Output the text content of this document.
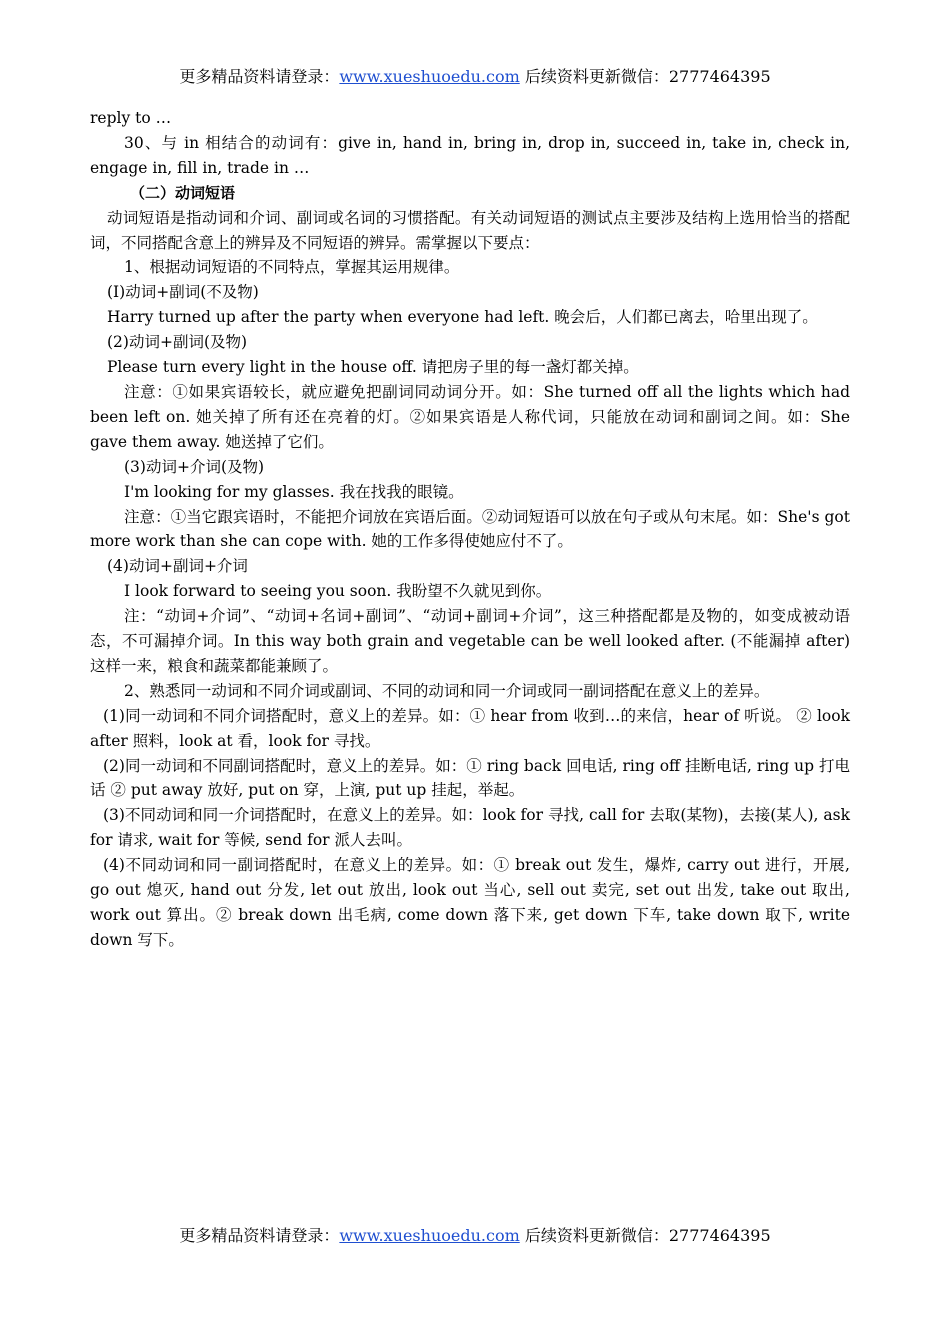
更多精品资料请登录：www.xueshuoedu.com 后续资料更新微信：2777464395

reply to …

30、与 in 相结合的动词有：give in, hand in, bring in, drop in, succeed in, take in, check in, engage in, fill in, trade in …

（二）动词短语

动词短语是指动词和介词、副词或名词的习惯搭配。有关动词短语的测试点主要涉及结构上选用恰当的搭配词，不同搭配含意上的辨异及不同短语的辨异。需掌握以下要点：

1、根据动词短语的不同特点，掌握其运用规律。

(I)动词+副词(不及物)

Harry turned up after the party when everyone had left. 晚会后，人们都已离去，哈里出现了。

(2)动词+副词(及物)

Please turn every light in the house off. 请把房子里的每一盏灯都关掉。

注意：①如果宾语较长，就应避免把副词同动词分开。如：She turned off all the lights which had been left on. 她关掉了所有还在亮着的灯。②如果宾语是人称代词，只能放在动词和副词之间。如：She gave them away. 她送掉了它们。

(3)动词+介词(及物)

I'm looking for my glasses. 我在找我的眼镜。

注意：①当它跟宾语时，不能把介词放在宾语后面。②动词短语可以放在句子或从句末尾。如：She's got more work than she can cope with. 她的工作多得使她应付不了。

(4)动词+副词+介词

I look forward to seeing you soon. 我盼望不久就见到你。

注：“动词+介词”、“动词+名词+副词”、“动词+副词+介词”，这三种搭配都是及物的，如变成被动语态，不可漏掉介词。In this way both grain and vegetable can be well looked after. (不能漏掉 after) 这样一来，粮食和蔬菜都能兼顾了。

2、熟悉同一动词和不同介词或副词、不同的动词和同一介词或同一副词搭配在意义上的差异。

(1)同一动词和不同介词搭配时，意义上的差异。如：① hear from 收到…的来信，hear of 听说。 ② look after 照料，look at 看，look for 寻找。

(2)同一动词和不同副词搭配时，意义上的差异。如：① ring back 回电话, ring off 挂断电话, ring up 打电话 ② put away 放好, put on 穿，上演, put up 挂起，举起。

(3)不同动词和同一介词搭配时，在意义上的差异。如：look for 寻找, call for 去取(某物)，去接(某人), ask for 请求, wait for 等候, send for 派人去叫。

(4)不同动词和同一副词搭配时，在意义上的差异。如：① break out 发生，爆炸, carry out 进行，开展, go out 熄灭, hand out 分发, let out 放出, look out 当心, sell out 卖完, set out 出发, take out 取出, work out 算出。② break down 出毛病, come down 落下来, get down 下车, take down 取下, write down 写下。

更多精品资料请登录：www.xueshuoedu.com 后续资料更新微信：2777464395
